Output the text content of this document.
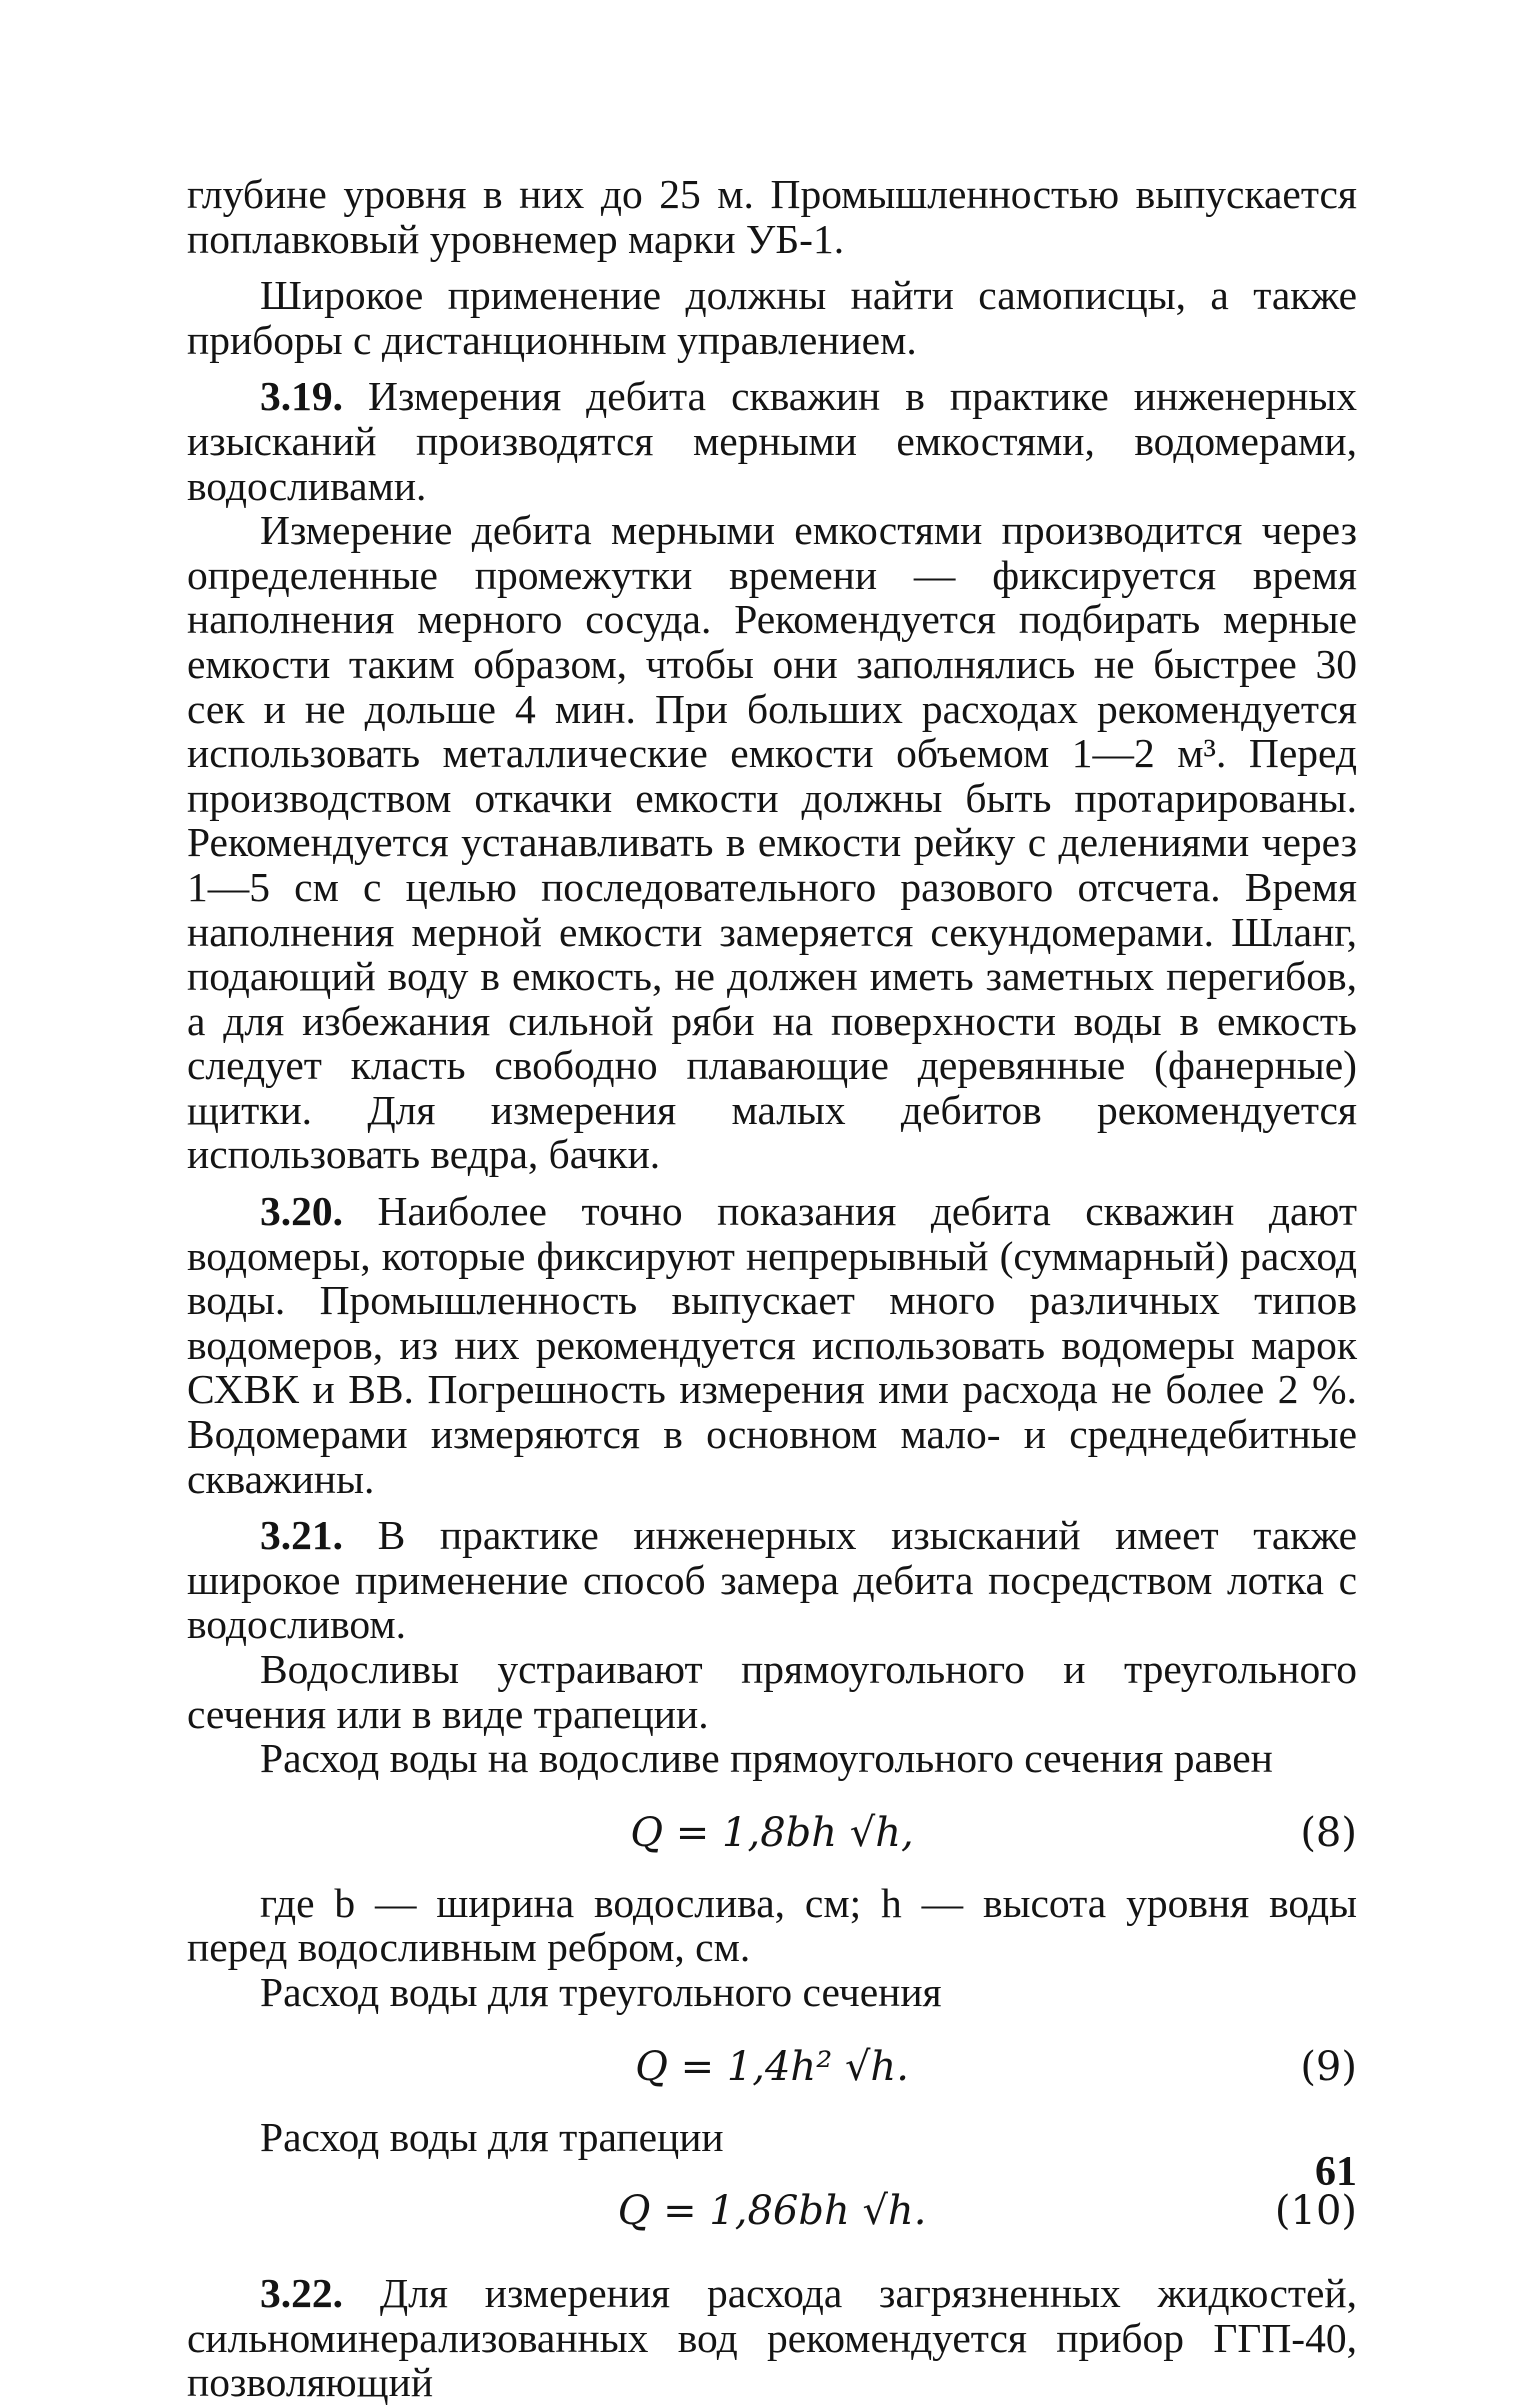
глубине уровня в них до 25 м. Промышленностью выпускается поплавковый уровнемер марки УБ-1.

Широкое применение должны найти самописцы, а также приборы с дистанционным управлением.

3.19. Измерения дебита скважин в практике инженерных изысканий производятся мерными емкостями, водомерами, водосливами.

Измерение дебита мерными емкостями производится через определенные промежутки времени — фиксируется время наполнения мерного сосуда. Рекомендуется подбирать мерные емкости таким образом, чтобы они заполнялись не быстрее 30 сек и не дольше 4 мин. При больших расходах рекомендуется использовать металлические емкости объемом 1—2 м³. Перед производством откачки емкости должны быть протарированы. Рекомендуется устанавливать в емкости рейку с делениями через 1—5 см с целью последовательного разового отсчета. Время наполнения мерной емкости замеряется секундомерами. Шланг, подающий воду в емкость, не должен иметь заметных перегибов, а для избежания сильной ряби на поверхности воды в емкость следует класть свободно плавающие деревянные (фанерные) щитки. Для измерения малых дебитов рекомендуется использовать ведра, бачки.

3.20. Наиболее точно показания дебита скважин дают водомеры, которые фиксируют непрерывный (суммарный) расход воды. Промышленность выпускает много различных типов водомеров, из них рекомендуется использовать водомеры марок СХВК и ВВ. Погрешность измерения ими расхода не более 2 %. Водомерами измеряются в основном мало- и среднедебитные скважины.

3.21. В практике инженерных изысканий имеет также широкое применение способ замера дебита посредством лотка с водосливом.

Водосливы устраивают прямоугольного и треугольного сечения или в виде трапеции.

Расход воды на водосливе прямоугольного сечения равен

Q = 1,8bh √h,	(8)

где b — ширина водослива, см; h — высота уровня воды перед водосливным ребром, см.

Расход воды для треугольного сечения

Q = 1,4h² √h.	(9)

Расход воды для трапеции

Q = 1,86bh √h.	(10)

3.22. Для измерения расхода загрязненных жидкостей, сильноминерализованных вод рекомендуется прибор ГГП-40, позволяющий

61
